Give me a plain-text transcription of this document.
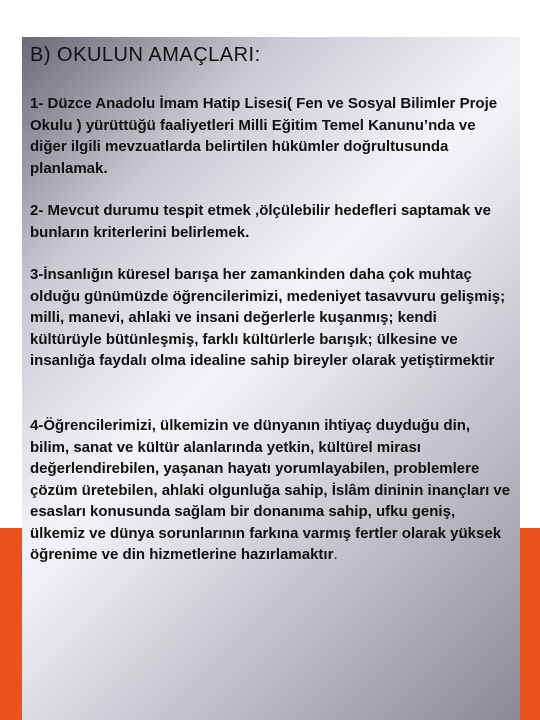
B) OKULUN AMAÇLARI:

1- Düzce Anadolu İmam Hatip Lisesi( Fen ve Sosyal Bilimler Proje Okulu ) yürüttüğü faaliyetleri Milli Eğitim Temel Kanunu’nda ve diğer ilgili mevzuatlarda belirtilen hükümler doğrultusunda planlamak.

2- Mevcut durumu tespit etmek ,ölçülebilir hedefleri saptamak ve bunların kriterlerini belirlemek.

3-İnsanlığın küresel barışa her zamankinden daha çok muhtaç olduğu günümüzde öğrencilerimizi, medeniyet tasavvuru gelişmiş; milli, manevi, ahlaki ve insani değerlerle kuşanmış; kendi kültürüyle bütünleşmiş, farklı kültürlerle barışık; ülkesine ve insanlığa faydalı olma idealine sahip bireyler olarak yetiştirmektir

4-Öğrencilerimizi, ülkemizin ve dünyanın ihtiyaç duyduğu din, bilim, sanat ve kültür alanlarında yetkin, kültürel mirası değerlendirebilen, yaşanan hayatı yorumlayabilen, problemlere çözüm üretebilen, ahlaki olgunluğa sahip, İslâm dininin inançları ve esasları konusunda sağlam bir donanıma sahip, ufku geniş, ülkemiz ve dünya sorunlarının farkına varmış fertler olarak yüksek öğrenime ve din hizmetlerine hazırlamaktır.
